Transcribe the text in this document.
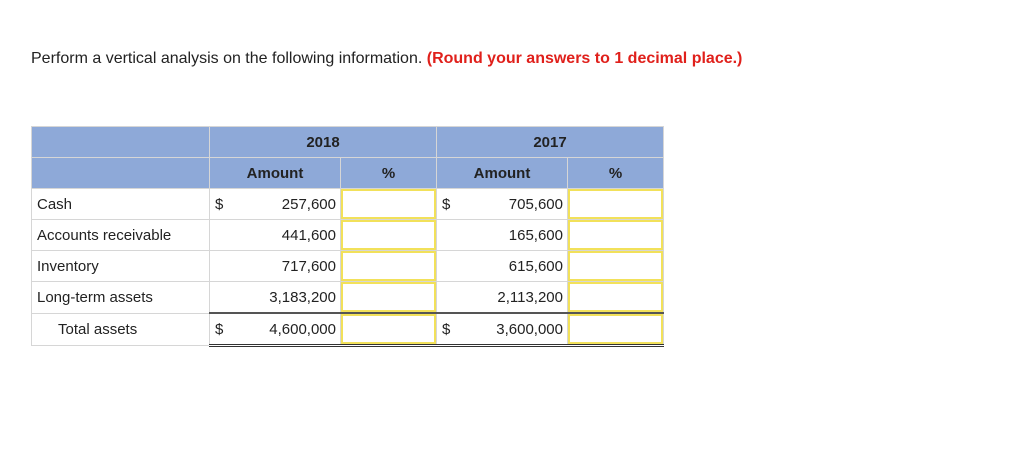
Perform a vertical analysis on the following information. (Round your answers to 1 decimal place.)
	2018			2017		
	Amount		%	Amount		%
Cash	$	257,600		$	705,600	

Accounts receivable	441,600			165,600	

Inventory	717,600			615,600	

Long-term assets	3,183,200			2,113,200	

Total assets	$	4,600,000		$	3,600,000	
